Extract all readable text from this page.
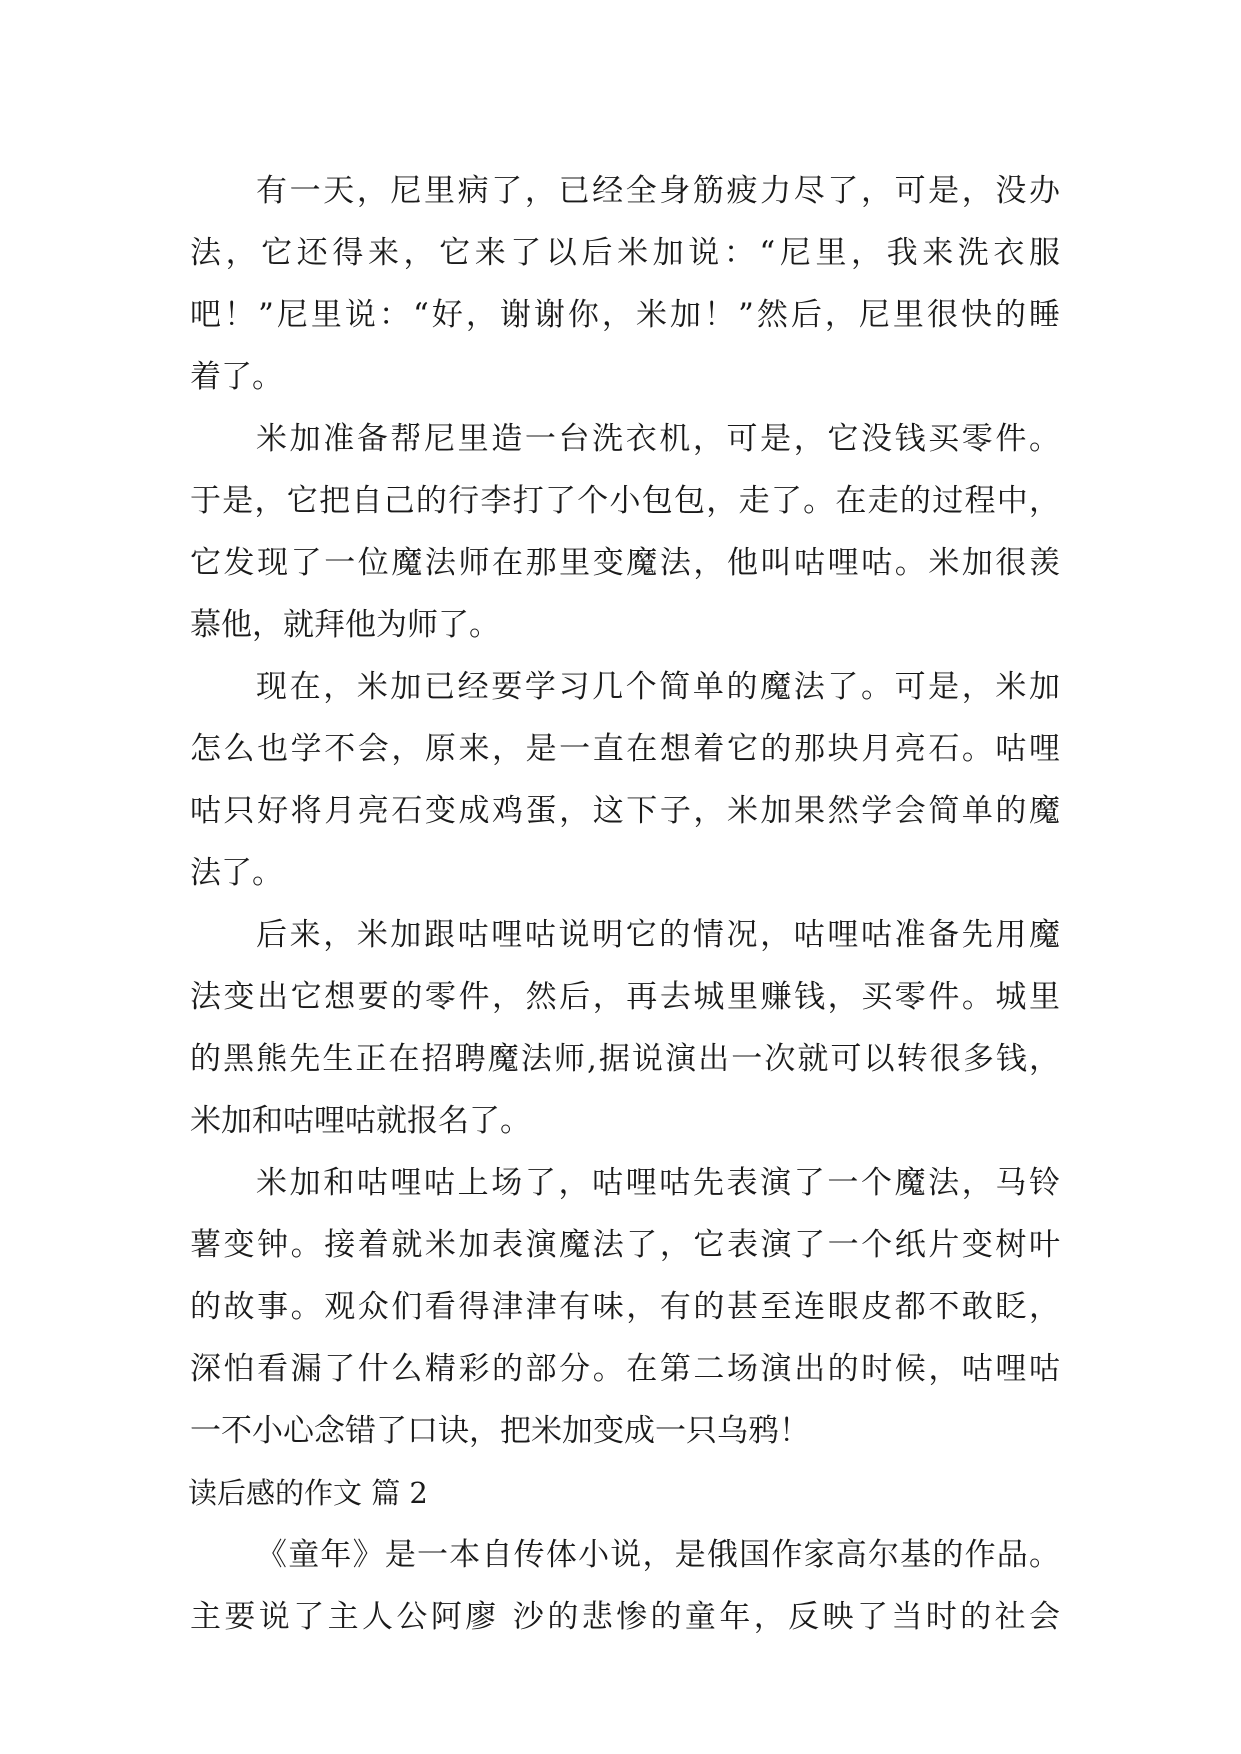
有一天，尼里病了，已经全身筋疲力尽了，可是，没办
法，它还得来，它来了以后米加说：“尼里，我来洗衣服
吧！”尼里说：“好，谢谢你，米加！”然后，尼里很快的睡
着了。
米加准备帮尼里造一台洗衣机，可是，它没钱买零件。
于是，它把自己的行李打了个小包包，走了。在走的过程中，
它发现了一位魔法师在那里变魔法，他叫咕哩咕。米加很羡
慕他，就拜他为师了。
现在，米加已经要学习几个简单的魔法了。可是，米加
怎么也学不会，原来，是一直在想着它的那块月亮石。咕哩
咕只好将月亮石变成鸡蛋，这下子，米加果然学会简单的魔
法了。
后来，米加跟咕哩咕说明它的情况，咕哩咕准备先用魔
法变出它想要的零件，然后，再去城里赚钱，买零件。城里
的黑熊先生正在招聘魔法师,据说演出一次就可以转很多钱，
米加和咕哩咕就报名了。
米加和咕哩咕上场了，咕哩咕先表演了一个魔法，马铃
薯变钟。接着就米加表演魔法了，它表演了一个纸片变树叶
的故事。观众们看得津津有味，有的甚至连眼皮都不敢眨，
深怕看漏了什么精彩的部分。在第二场演出的时候，咕哩咕
一不小心念错了口诀，把米加变成一只乌鸦！
读后感的作文 篇 2
《童年》是一本自传体小说，是俄国作家高尔基的作品。
主要说了主人公阿廖 沙的悲惨的童年，反映了当时的社会
